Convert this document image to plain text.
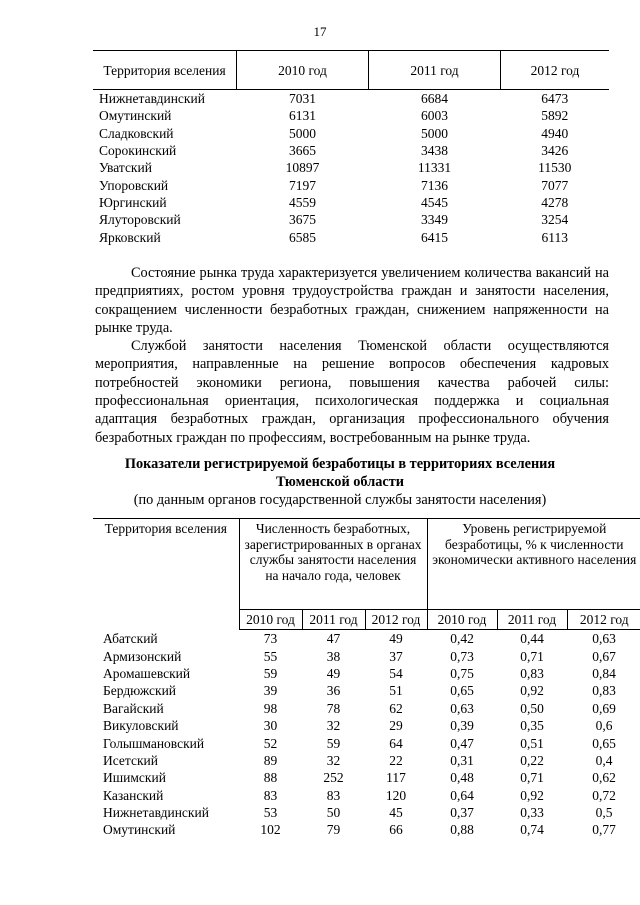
17
Территория вселения	2010 год	2011 год	2012 год
Нижнетавдинский	7031	6684	6473
Омутинский	6131	6003	5892
Сладковский	5000	5000	4940
Сорокинский	3665	3438	3426
Уватский	10897	11331	11530
Упоровский	7197	7136	7077
Юргинский	4559	4545	4278
Ялуторовский	3675	3349	3254
Ярковский	6585	6415	6113

Состояние рынка труда характеризуется увеличением количества вакансий на предприятиях, ростом уровня трудоустройства граждан и занятости населения, сокращением численности безработных граждан, снижением напряженности на рынке труда.

Службой занятости населения Тюменской области осуществляются мероприятия, направленные на решение вопросов обеспечения кадровых потребностей экономики региона, повышения качества рабочей силы: профессиональная ориентация, психологическая поддержка и социальная адаптация безработных граждан, организация профессионального обучения безработных граждан по профессиям, востребованным на рынке труда.

Показатели регистрируемой безработицы в территориях вселения
Тюменской области
(по данным органов государственной службы занятости населения)
Территория вселения	Численность безработных, зарегистрированных в органах службы занятости населения на начало года, человек			Уровень регистрируемой безработицы, % к численности экономически активного населения		
	2010 год	2011 год	2012 год	2010 год	2011 год	2012 год
Абатский	73	47	49	0,42	0,44	0,63
Армизонский	55	38	37	0,73	0,71	0,67
Аромашевский	59	49	54	0,75	0,83	0,84
Бердюжский	39	36	51	0,65	0,92	0,83
Вагайский	98	78	62	0,63	0,50	0,69
Викуловский	30	32	29	0,39	0,35	0,6
Голышмановский	52	59	64	0,47	0,51	0,65
Исетский	89	32	22	0,31	0,22	0,4
Ишимский	88	252	117	0,48	0,71	0,62
Казанский	83	83	120	0,64	0,92	0,72
Нижнетавдинский	53	50	45	0,37	0,33	0,5
Омутинский	102	79	66	0,88	0,74	0,77
